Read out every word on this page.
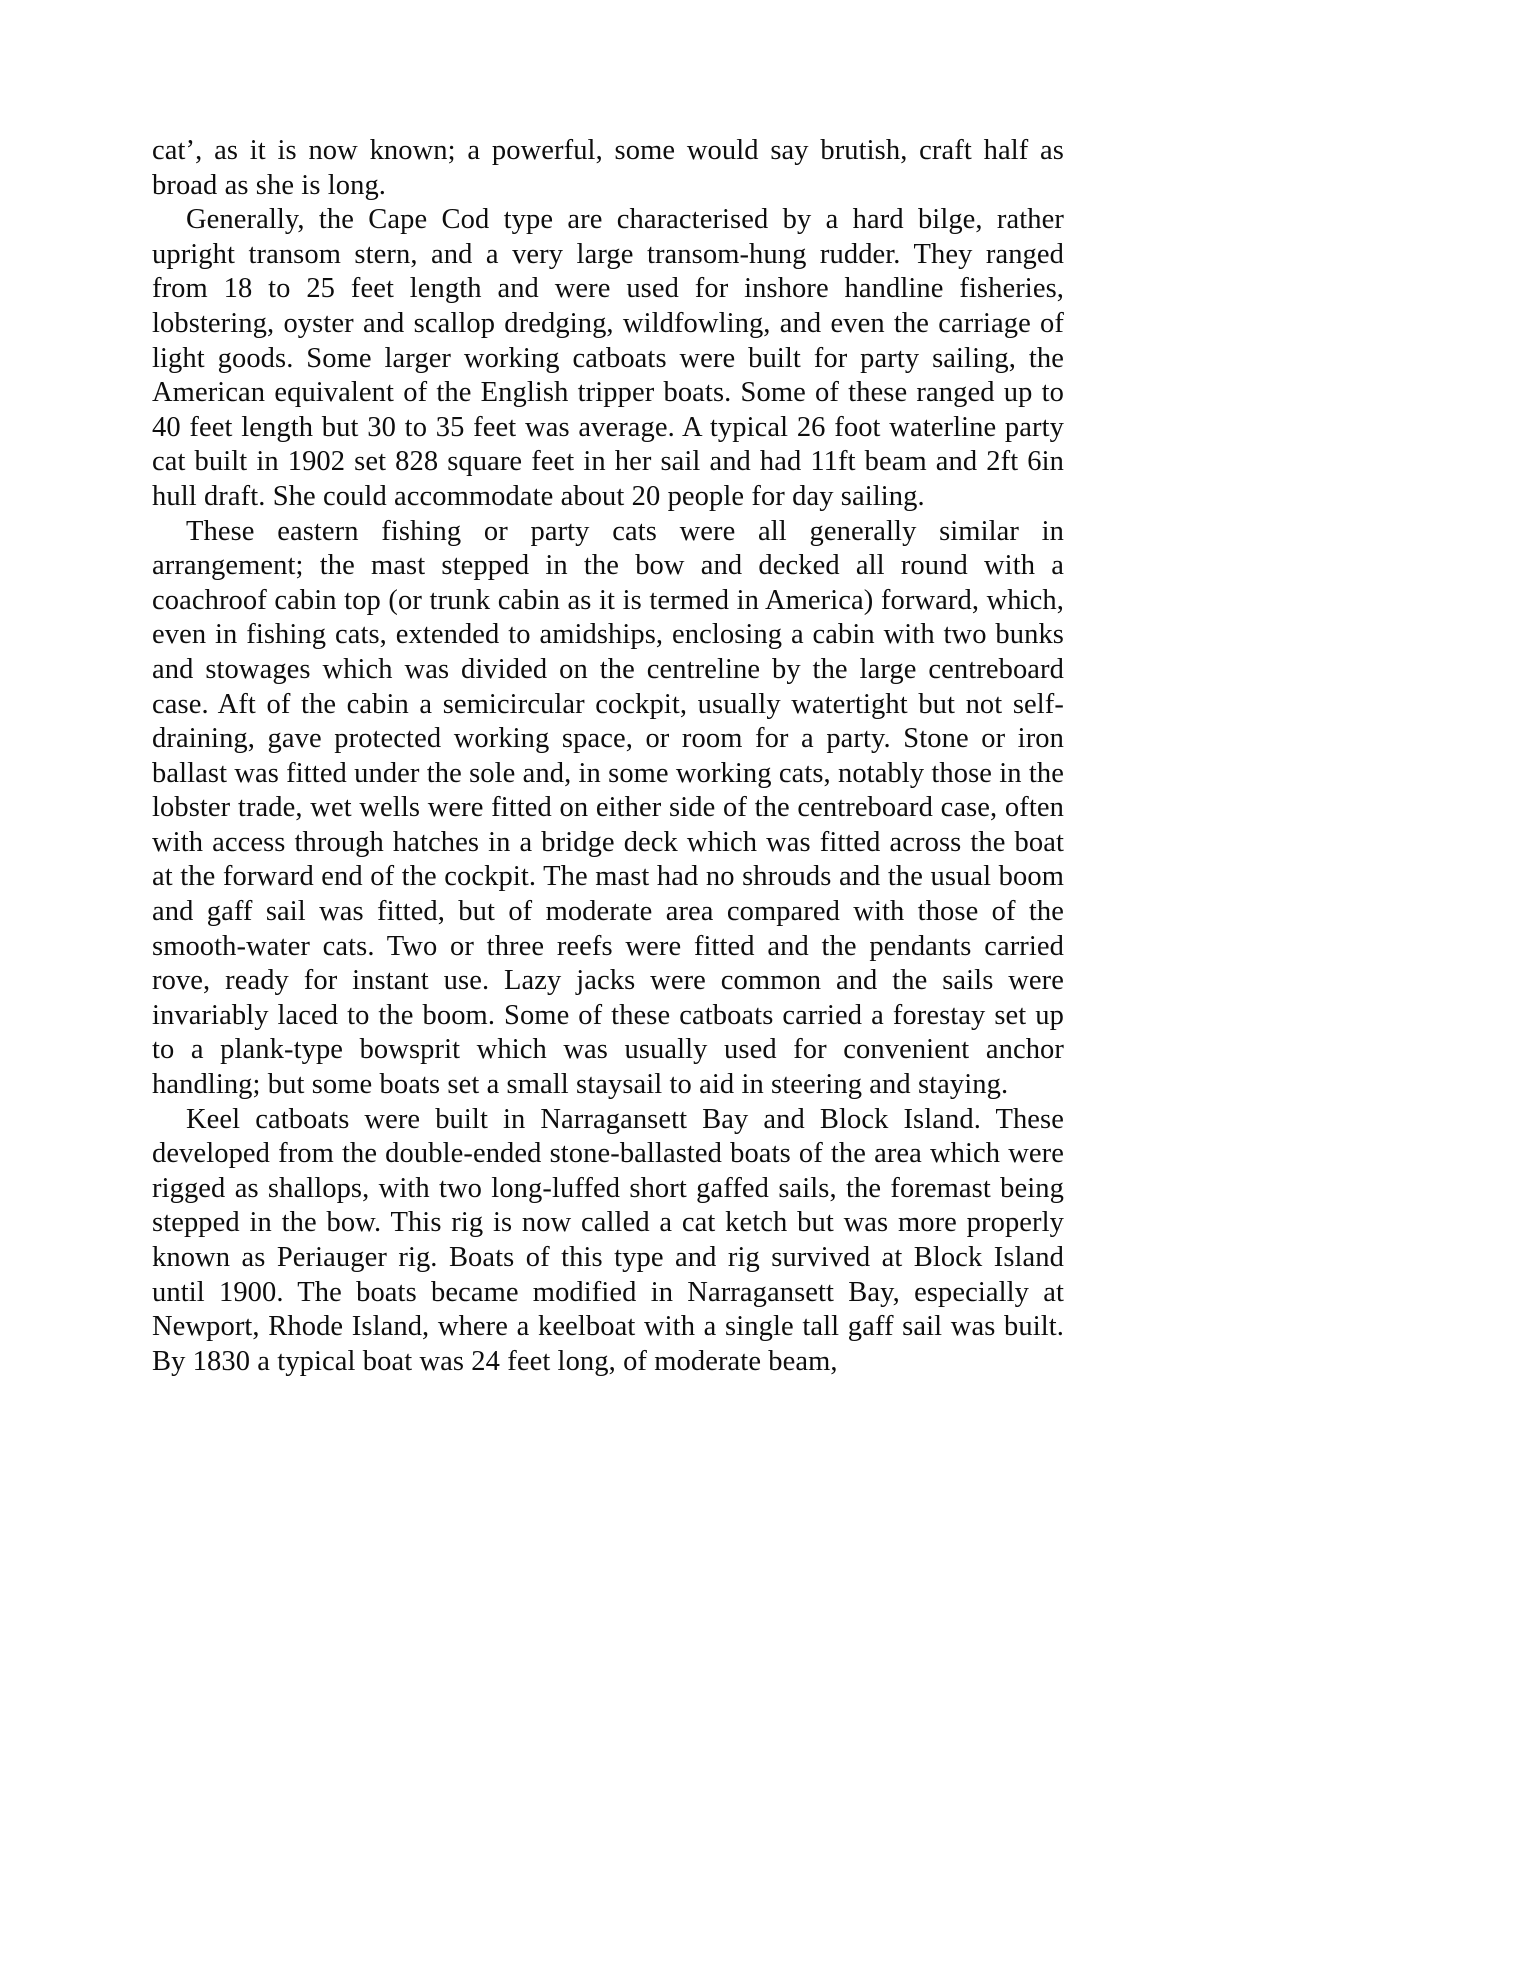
cat’, as it is now known; a powerful, some would say brutish, craft half as broad as she is long.

Generally, the Cape Cod type are characterised by a hard bilge, rather upright transom stern, and a very large transom-hung rudder. They ranged from 18 to 25 feet length and were used for inshore handline fisheries, lobstering, oyster and scallop dredging, wildfowling, and even the carriage of light goods. Some larger working catboats were built for party sailing, the American equivalent of the English tripper boats. Some of these ranged up to 40 feet length but 30 to 35 feet was average. A typical 26 foot waterline party cat built in 1902 set 828 square feet in her sail and had 11ft beam and 2ft 6in hull draft. She could accommodate about 20 people for day sailing.

These eastern fishing or party cats were all generally similar in arrangement; the mast stepped in the bow and decked all round with a coachroof cabin top (or trunk cabin as it is termed in America) forward, which, even in fishing cats, extended to amidships, enclosing a cabin with two bunks and stowages which was divided on the centreline by the large centreboard case. Aft of the cabin a semicircular cockpit, usually watertight but not self-draining, gave protected working space, or room for a party. Stone or iron ballast was fitted under the sole and, in some working cats, notably those in the lobster trade, wet wells were fitted on either side of the centreboard case, often with access through hatches in a bridge deck which was fitted across the boat at the forward end of the cockpit. The mast had no shrouds and the usual boom and gaff sail was fitted, but of moderate area compared with those of the smooth-water cats. Two or three reefs were fitted and the pendants carried rove, ready for instant use. Lazy jacks were common and the sails were invariably laced to the boom. Some of these catboats carried a forestay set up to a plank-type bowsprit which was usually used for convenient anchor handling; but some boats set a small staysail to aid in steering and staying.

Keel catboats were built in Narragansett Bay and Block Island. These developed from the double-ended stone-ballasted boats of the area which were rigged as shallops, with two long-luffed short gaffed sails, the foremast being stepped in the bow. This rig is now called a cat ketch but was more properly known as Periauger rig. Boats of this type and rig survived at Block Island until 1900. The boats became modified in Narragansett Bay, especially at Newport, Rhode Island, where a keelboat with a single tall gaff sail was built. By 1830 a typical boat was 24 feet long, of moderate beam,
